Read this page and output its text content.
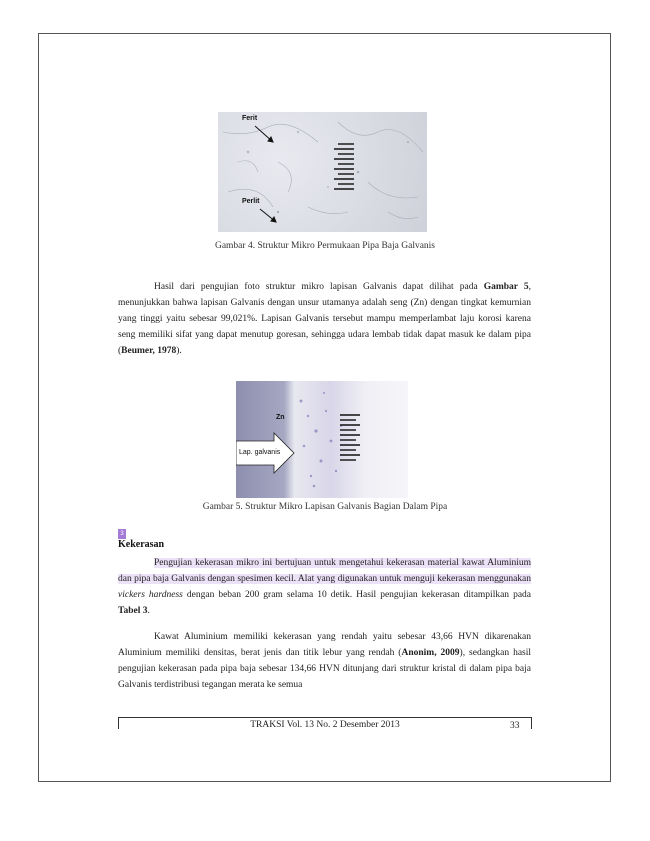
Ferit
Perlit
Gambar 4. Struktur Mikro Permukaan Pipa Baja Galvanis
Hasil dari pengujian foto struktur mikro lapisan Galvanis dapat dilihat pada Gambar 5, menunjukkan bahwa lapisan Galvanis dengan unsur utamanya adalah seng (Zn) dengan tingkat kemurnian yang tinggi yaitu sebesar 99,021%. Lapisan Galvanis tersebut mampu memperlambat laju korosi karena seng memiliki sifat yang dapat menutup goresan, sehingga udara lembab tidak dapat masuk ke dalam pipa (Beumer, 1978).
Zn
Lap. galvanis
Gambar 5. Struktur Mikro Lapisan Galvanis Bagian Dalam Pipa
3
Kekerasan
Pengujian kekerasan mikro ini bertujuan untuk mengetahui kekerasan material kawat Aluminium dan pipa baja Galvanis dengan spesimen kecil. Alat yang digunakan untuk menguji kekerasan menggunakan vickers hardness dengan beban 200 gram selama 10 detik. Hasil pengujian kekerasan ditampilkan pada Tabel 3.
Kawat Aluminium memiliki kekerasan yang rendah yaitu sebesar 43,66 HVN dikarenakan Aluminium memiliki densitas, berat jenis dan titik lebur yang rendah (Anonim, 2009), sedangkan hasil pengujian kekerasan pada pipa baja sebesar 134,66 HVN ditunjang dari struktur kristal di dalam pipa baja Galvanis terdistribusi tegangan merata ke semua
TRAKSI Vol. 13 No. 2 Desember 2013	33
